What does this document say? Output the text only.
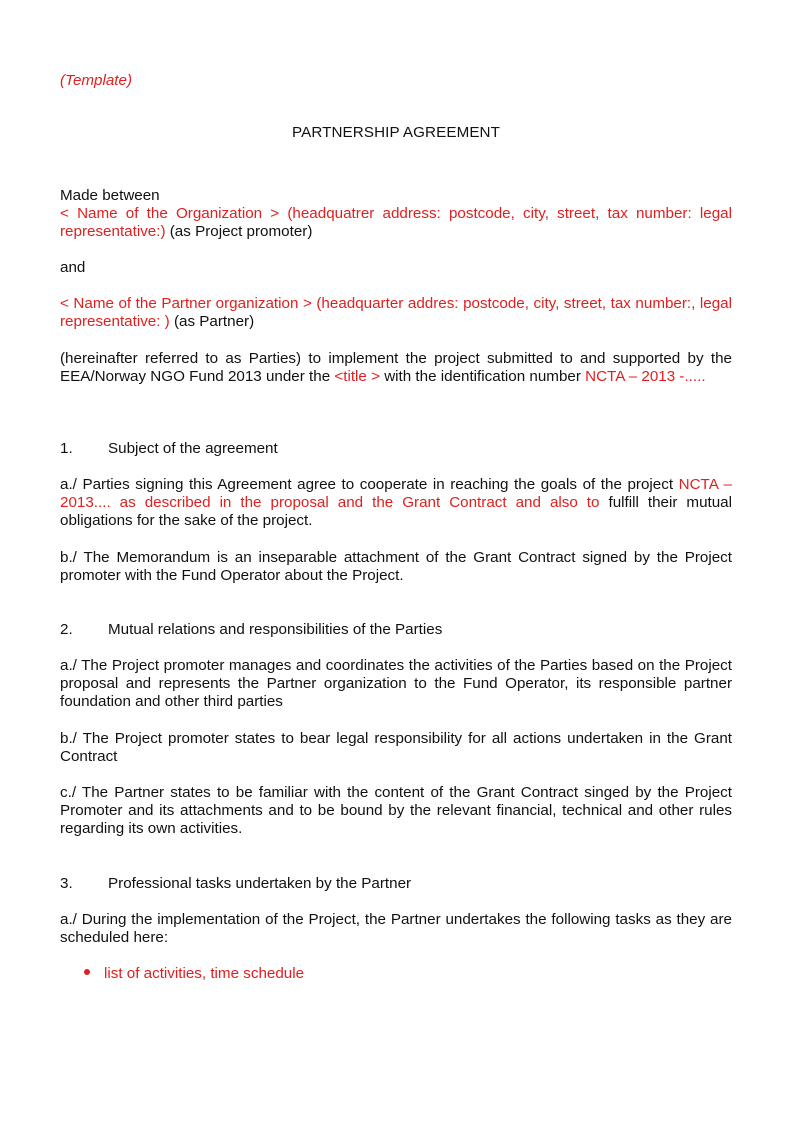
(Template)
PARTNERSHIP AGREEMENT
Made between
< Name of the Organization > (headquatrer address: postcode, city, street, tax number: legal representative:) (as Project promoter)
and
< Name of the Partner organization > (headquarter addres: postcode, city, street, tax number:, legal representative: ) (as Partner)
(hereinafter referred to as Parties) to implement the project submitted to and supported by the EEA/Norway NGO Fund 2013 under the <title > with the identification number NCTA – 2013 -.....
1. Subject of the agreement
a./ Parties signing this Agreement agree to cooperate in reaching the goals of the project NCTA – 2013.... as described in the proposal and the Grant Contract and also to fulfill their mutual obligations for the sake of the project.
b./ The Memorandum is an inseparable attachment of the Grant Contract signed by the Project promoter with the Fund Operator about the Project.
2. Mutual relations and responsibilities of the Parties
a./ The Project promoter manages and coordinates the activities of the Parties based on the Project proposal and represents the Partner organization to the Fund Operator, its responsible partner foundation and other third parties
b./ The Project promoter states to bear legal responsibility for all actions undertaken in the Grant Contract
c./ The Partner states to be familiar with the content of the Grant Contract singed by the Project Promoter and its attachments and to be bound by the relevant financial, technical and other rules regarding its own activities.
3. Professional tasks undertaken by the Partner
a./ During the implementation of the Project, the Partner undertakes the following tasks as they are scheduled here:
list of activities, time schedule
